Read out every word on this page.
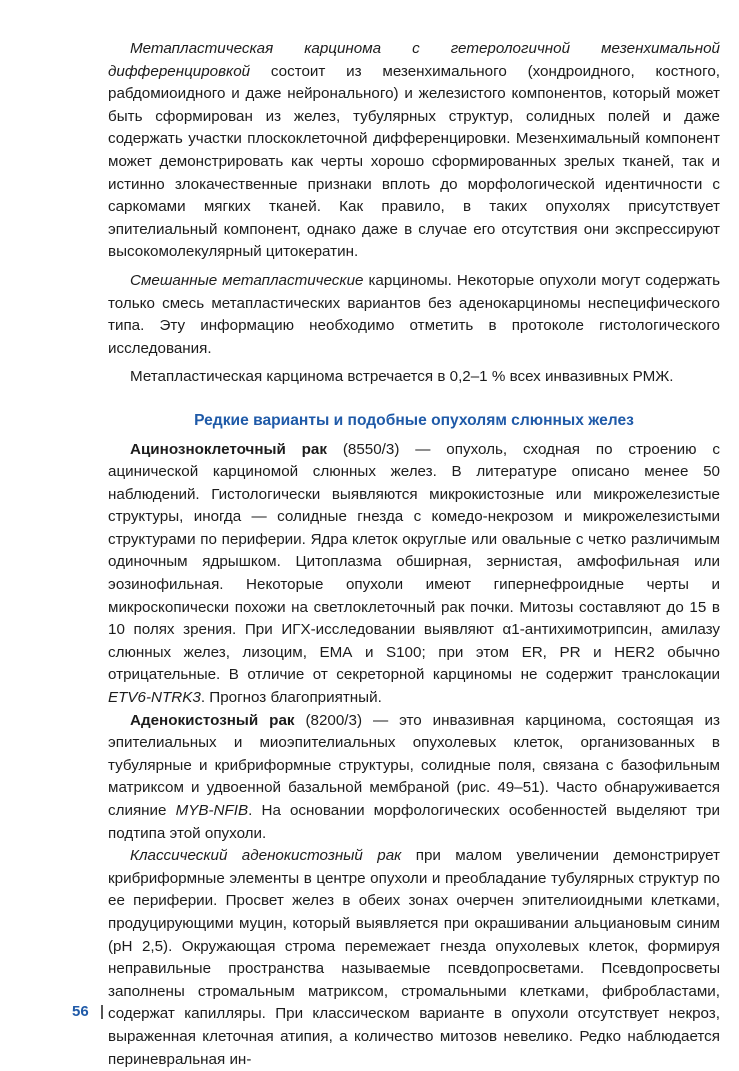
Метапластическая карцинома с гетерологичной мезенхимальной дифференцировкой состоит из мезенхимального (хондроидного, костного, рабдомиоидного и даже нейронального) и железистого компонентов, который может быть сформирован из желез, тубулярных структур, солидных полей и даже содержать участки плоскоклеточной дифференцировки. Мезенхимальный компонент может демонстрировать как черты хорошо сформированных зрелых тканей, так и истинно злокачественные признаки вплоть до морфологической идентичности с саркомами мягких тканей. Как правило, в таких опухолях присутствует эпителиальный компонент, однако даже в случае его отсутствия они экспрессируют высокомолекулярный цитокератин.

Смешанные метапластические карциномы. Некоторые опухоли могут содержать только смесь метапластических вариантов без аденокарциномы неспецифического типа. Эту информацию необходимо отметить в протоколе гистологического исследования.

Метапластическая карцинома встречается в 0,2–1 % всех инвазивных РМЖ.

Редкие варианты и подобные опухолям слюнных желез

Ацинозноклеточный рак (8550/3) — опухоль, сходная по строению с ацинической карциномой слюнных желез. В литературе описано менее 50 наблюдений. Гистологически выявляются микрокистозные или микрожелезистые структуры, иногда — солидные гнезда с комедо-некрозом и микрожелезистыми структурами по периферии. Ядра клеток округлые или овальные с четко различимым одиночным ядрышком. Цитоплазма обширная, зернистая, амфофильная или эозинофильная. Некоторые опухоли имеют гипернефроидные черты и микроскопически похожи на светлоклеточный рак почки. Митозы составляют до 15 в 10 полях зрения. При ИГХ-исследовании выявляют α1-антихимотрипсин, амилазу слюнных желез, лизоцим, ЕМА и S100; при этом ER, PR и HER2 обычно отрицательные. В отличие от секреторной карциномы не содержит транслокации ETV6-NTRK3. Прогноз благоприятный.

Аденокистозный рак (8200/3) — это инвазивная карцинома, состоящая из эпителиальных и миоэпителиальных опухолевых клеток, организованных в тубулярные и крибриформные структуры, солидные поля, связана с базофильным матриксом и удвоенной базальной мембраной (рис. 49–51). Часто обнаруживается слияние MYB-NFIB. На основании морфологических особенностей выделяют три подтипа этой опухоли.

Классический аденокистозный рак при малом увеличении демонстрирует крибриформные элементы в центре опухоли и преобладание тубулярных структур по ее периферии. Просвет желез в обеих зонах очерчен эпителиоидными клетками, продуцирующими муцин, который выявляется при окрашивании альциановым синим (pH 2,5). Окружающая строма перемежает гнезда опухолевых клеток, формируя неправильные пространства называемые псевдопросветами. Псевдопросветы заполнены стромальным матриксом, стромальными клетками, фибробластами, содержат капилляры. При классическом варианте в опухоли отсутствует некроз, выраженная клеточная атипия, а количество митозов невелико. Редко наблюдается периневральная ин-

56
